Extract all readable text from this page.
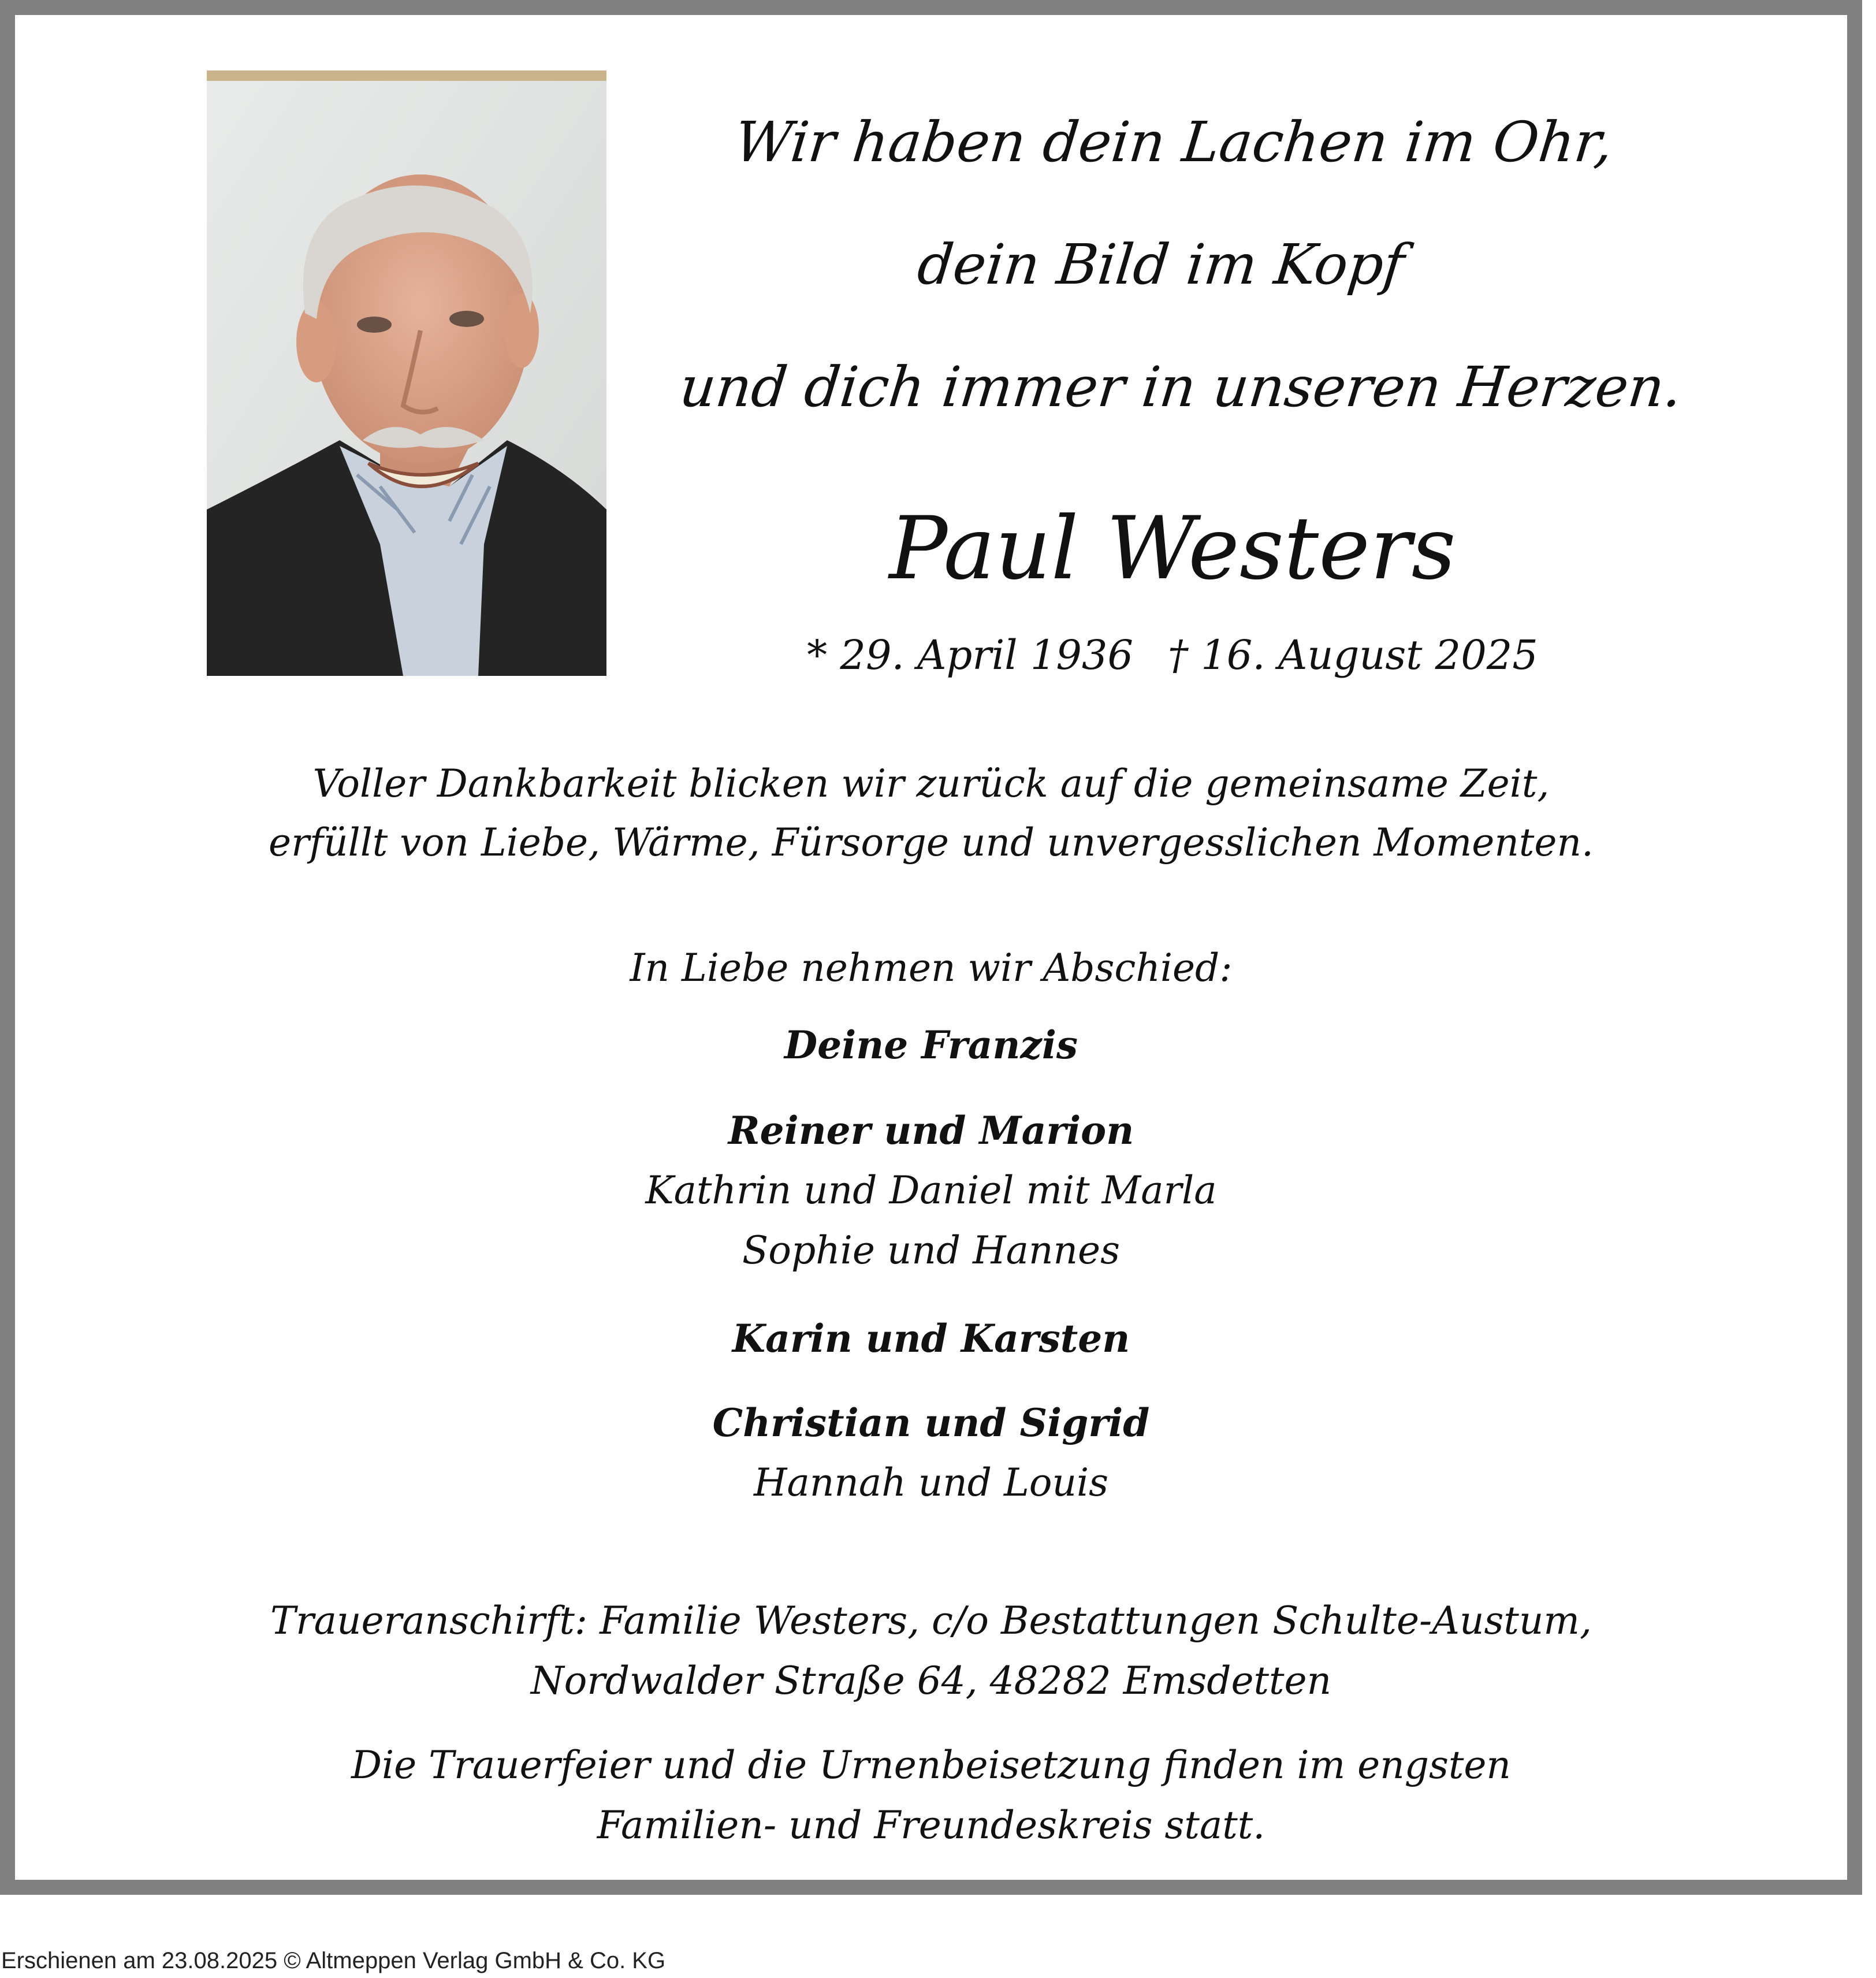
Wir haben dein Lachen im Ohr,
dein Bild im Kopf
und dich immer in unseren Herzen.
Paul Westers
* 29. April 1936 † 16. August 2025
Voller Dankbarkeit blicken wir zurück auf die gemeinsame Zeit,
erfüllt von Liebe, Wärme, Fürsorge und unvergesslichen Momenten.
In Liebe nehmen wir Abschied:
Deine Franzis
Reiner und Marion
Kathrin und Daniel mit Marla
Sophie und Hannes
Karin und Karsten
Christian und Sigrid
Hannah und Louis
Traueranschirft: Familie Westers, c/o Bestattungen Schulte-Austum,
Nordwalder Straße 64, 48282 Emsdetten
Die Trauerfeier und die Urnenbeisetzung finden im engsten
Familien- und Freundeskreis statt.
Erschienen am 23.08.2025 © Altmeppen Verlag GmbH & Co. KG
